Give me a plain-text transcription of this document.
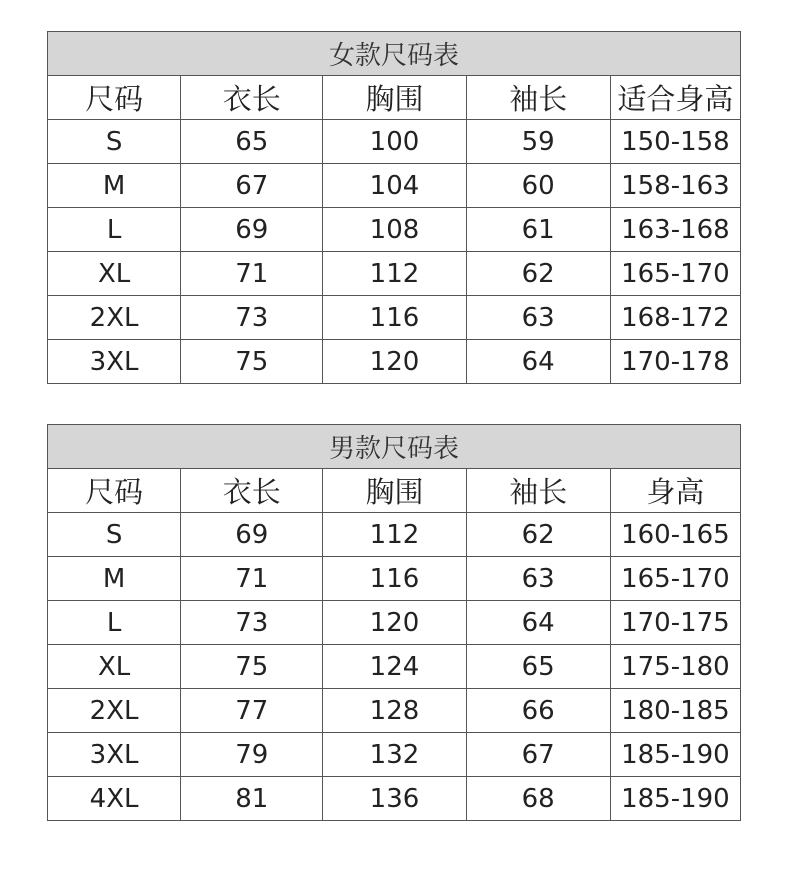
女款尺码表				
尺码	衣长	胸围	袖长	适合身高
S	65	100	59	150-158
M	67	104	60	158-163
L	69	108	61	163-168
XL	71	112	62	165-170
2XL	73	116	63	168-172
3XL	75	120	64	170-178
男款尺码表				
尺码	衣长	胸围	袖长	身高
S	69	112	62	160-165
M	71	116	63	165-170
L	73	120	64	170-175
XL	75	124	65	175-180
2XL	77	128	66	180-185
3XL	79	132	67	185-190
4XL	81	136	68	185-190
